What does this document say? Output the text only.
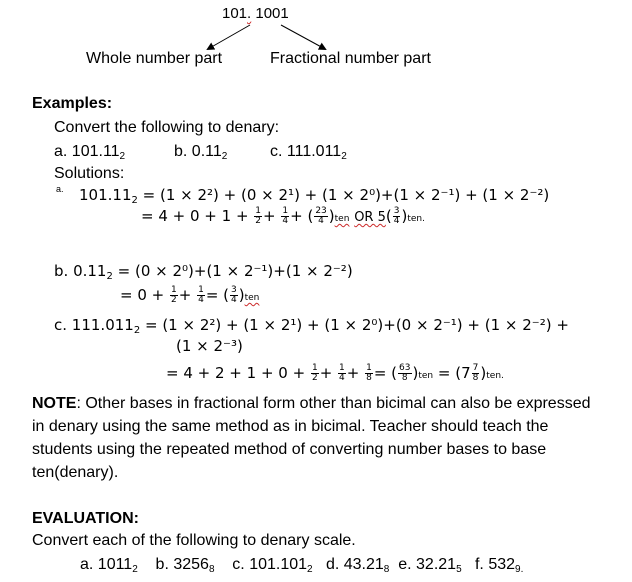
101. 1001
Whole number part	Fractional number part
Examples:
Convert the following to denary:
a. $101.11_2$	b. $0.11_2$	c. $111.011_2$
Solutions:
a. $101.11_2 = (1 \times 2^2) + (0 \times 2^1) + (1 \times 2^0)+(1 \times 2^{-1}) + (1 \times 2^{-2})$
= $4 + 0 + 1 + \frac{1}{2} + \frac{1}{4}$ + ( $\frac{23}{4} )ten$ OR $5( \frac{3}{4} )ten$.
b. $0.11_2 = (0 \times 2^0)+(1 \times 2^{-1})+(1 \times 2^{-2})$
= $0 + \frac{1}{2} + \frac{1}{4}$ = ( $\frac{3}{4} )ten$
c. $111.011_2 = (1 \times 2^2) + (1 \times 2^1) + (1 \times 2^0)+(0 \times 2^{-1}) + (1 \times 2^{-2})$ +
(1 × 2⁻³)
= $4 + 2 + 1 + 0 + \frac{1}{2} + \frac{1}{4} + \frac{1}{8}$ = ( $\frac{63}{8} )ten = (7 \frac{7}{8} )ten$.
NOTE: Other bases in fractional form other than bicimal can also be expressed
in denary using the same method as in bicimal. Teacher should teach the
students using the repeated method of converting number bases to base
ten(denary).
EVALUATION:
Convert each of the following to denary scale.
a. $1011_2$ b. $3256_8$ c. $101.101_2$ d. $43.21_8$ e. $32.21_5$ f. $532_{9.}$
